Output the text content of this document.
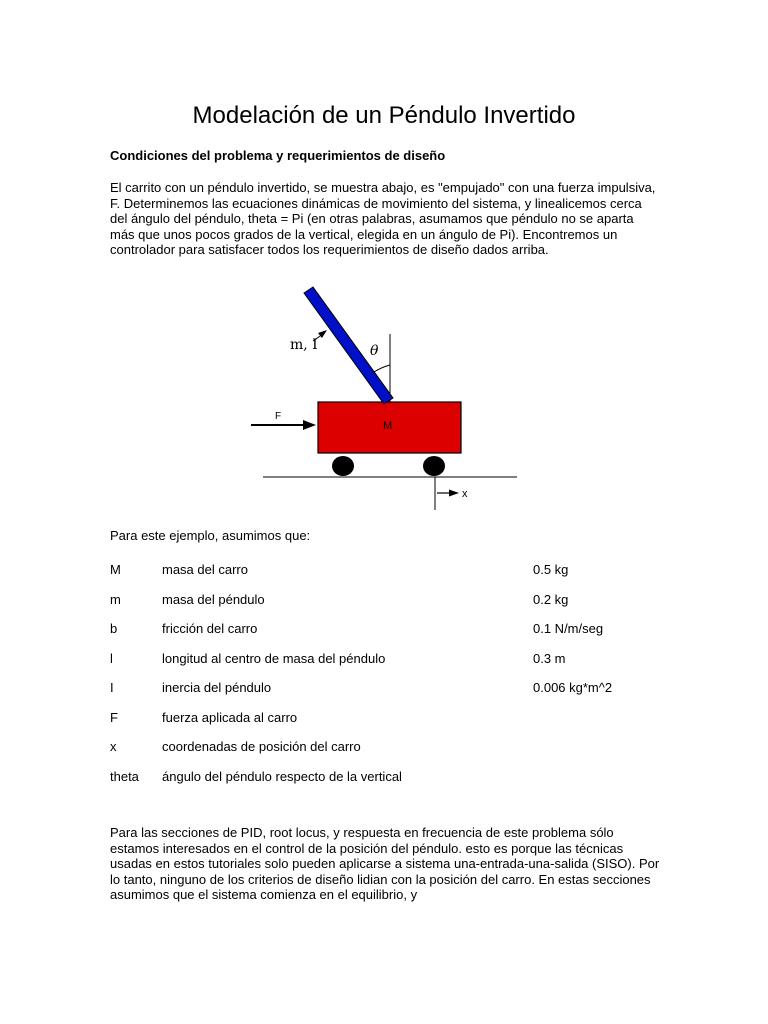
Modelación de un Péndulo Invertido

Condiciones del problema y requerimientos de diseño

El carrito con un péndulo invertido, se muestra abajo, es "empujado" con una fuerza impulsiva, F. Determinemos las ecuaciones dinámicas de movimiento del sistema, y linealicemos cerca del ángulo del péndulo, theta = Pi (en otras palabras, asumamos que péndulo no se aparta más que unos pocos grados de la vertical, elegida en un ángulo de Pi). Encontremos un controlador para satisfacer todos los requerimientos de diseño dados arriba.

x
M
F
θ
m, I

Para este ejemplo, asumimos que:

M	masa del carro	0.5 kg
m	masa del péndulo	0.2 kg
b	fricción del carro	0.1 N/m/seg
l	longitud al centro de masa del péndulo	0.3 m
I	inercia del péndulo	0.006 kg*m^2
F	fuerza aplicada al carro
x	coordenadas de posición del carro
theta ángulo del péndulo respecto de la vertical

Para las secciones de PID, root locus, y respuesta en frecuencia de este problema sólo estamos interesados en el control de la posición del péndulo. esto es porque las técnicas usadas en estos tutoriales solo pueden aplicarse a sistema una-entrada-una-salida (SISO). Por lo tanto, ninguno de los criterios de diseño lidian con la posición del carro. En estas secciones asumimos que el sistema comienza en el equilibrio, y
